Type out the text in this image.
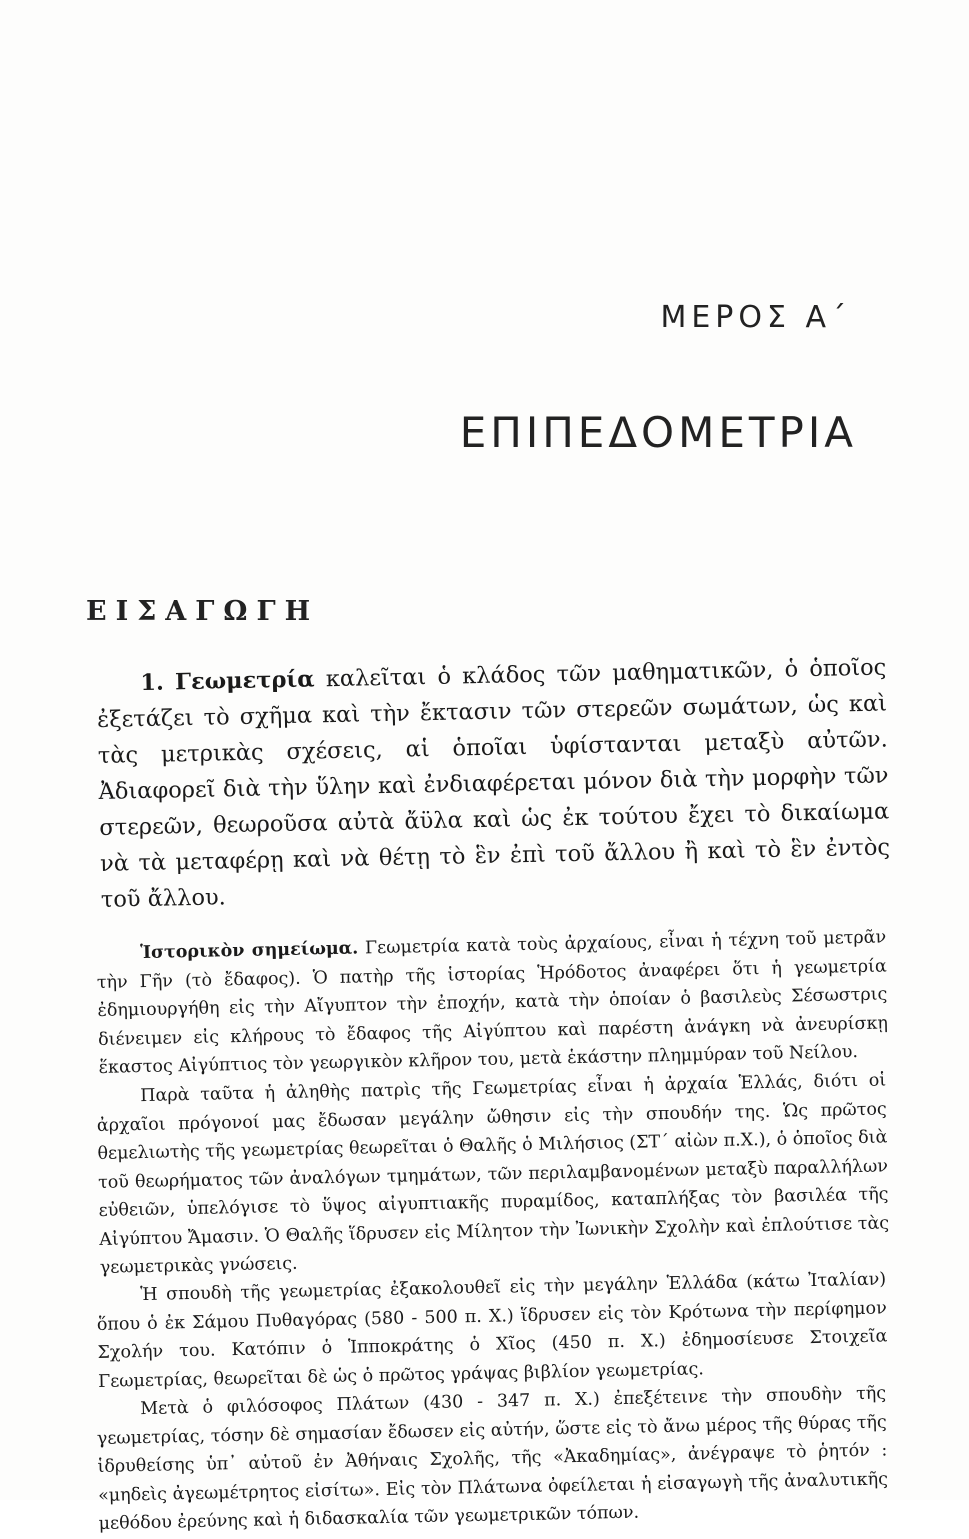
ΜΕΡΟΣ Α΄
ΕΠΙΠΕΔΟΜΕΤΡΙΑ
ΕΙΣΑΓΩΓΗ

1. Γεωμετρία καλεῖται ὁ κλάδος τῶν μαθηματικῶν, ὁ ὁποῖος ἐξετάζει τὸ σχῆμα καὶ τὴν ἔκτασιν τῶν στερεῶν σωμάτων, ὡς καὶ τὰς μετρικὰς σχέσεις, αἱ ὁποῖαι ὑφίστανται μεταξὺ αὐτῶν. Ἀδιαφορεῖ διὰ τὴν ὕλην καὶ ἐνδιαφέρεται μόνον διὰ τὴν μορφὴν τῶν στερεῶν, θεωροῦσα αὐτὰ ἄϋλα καὶ ὡς ἐκ τούτου ἔχει τὸ δικαίωμα νὰ τὰ μεταφέρῃ καὶ νὰ θέτῃ τὸ ἓν ἐπὶ τοῦ ἄλλου ἢ καὶ τὸ ἓν ἐντὸς τοῦ ἄλλου.

Ἱστορικὸν σημείωμα. Γεωμετρία κατὰ τοὺς ἀρχαίους, εἶναι ἡ τέχνη τοῦ μετρᾶν τὴν Γῆν (τὸ ἔδαφος). Ὁ πατὴρ τῆς ἱστορίας Ἡρόδοτος ἀναφέρει ὅτι ἡ γεωμετρία ἐδημιουργήθη εἰς τὴν Αἴγυπτον τὴν ἐποχήν, κατὰ τὴν ὁποίαν ὁ βασιλεὺς Σέσωστρις διένειμεν εἰς κλήρους τὸ ἔδαφος τῆς Αἰγύπτου καὶ παρέστη ἀνάγκη νὰ ἀνευρίσκῃ ἕκαστος Αἰγύπτιος τὸν γεωργικὸν κλῆρον του, μετὰ ἑκάστην πλημμύραν τοῦ Νείλου.

Παρὰ ταῦτα ἡ ἀληθὴς πατρὶς τῆς Γεωμετρίας εἶναι ἡ ἀρχαία Ἑλλάς, διότι οἱ ἀρχαῖοι πρόγονοί μας ἔδωσαν μεγάλην ὤθησιν εἰς τὴν σπουδήν της. Ὡς πρῶτος θεμελιωτὴς τῆς γεωμετρίας θεωρεῖται ὁ Θαλῆς ὁ Μιλήσιος (ΣΤ΄ αἰὼν π.Χ.), ὁ ὁποῖος διὰ τοῦ θεωρήματος τῶν ἀναλόγων τμημάτων, τῶν περιλαμβανομένων μεταξὺ παραλλήλων εὐθειῶν, ὑπελόγισε τὸ ὕψος αἰγυπτιακῆς πυραμίδος, καταπλήξας τὸν βασιλέα τῆς Αἰγύπτου Ἄμασιν. Ὁ Θαλῆς ἵδρυσεν εἰς Μίλητον τὴν Ἰωνικὴν Σχολὴν καὶ ἐπλούτισε τὰς γεωμετρικὰς γνώσεις.

Ἡ σπουδὴ τῆς γεωμετρίας ἐξακολουθεῖ εἰς τὴν μεγάλην Ἑλλάδα (κάτω Ἰταλίαν) ὅπου ὁ ἐκ Σάμου Πυθαγόρας (580 - 500 π. Χ.) ἵδρυσεν εἰς τὸν Κρότωνα τὴν περίφημον Σχολήν του. Κατόπιν ὁ Ἱπποκράτης ὁ Χῖος (450 π. Χ.) ἐδημοσίευσε Στοιχεῖα Γεωμετρίας, θεωρεῖται δὲ ὡς ὁ πρῶτος γράψας βιβλίον γεωμετρίας.

Μετὰ ὁ φιλόσοφος Πλάτων (430 - 347 π. Χ.) ἐπεξέτεινε τὴν σπουδὴν τῆς γεωμετρίας, τόσην δὲ σημασίαν ἔδωσεν εἰς αὐτήν, ὥστε εἰς τὸ ἄνω μέρος τῆς θύρας τῆς ἱδρυθείσης ὑπ᾽ αὐτοῦ ἐν Ἀθήναις Σχολῆς, τῆς «Ἀκαδημίας», ἀνέγραψε τὸ ῥητόν : «μηδεὶς ἀγεωμέτρητος εἰσίτω». Εἰς τὸν Πλάτωνα ὀφείλεται ἡ εἰσαγωγὴ τῆς ἀναλυτικῆς μεθόδου ἐρεύνης καὶ ἡ διδασκαλία τῶν γεωμετρικῶν τόπων.
